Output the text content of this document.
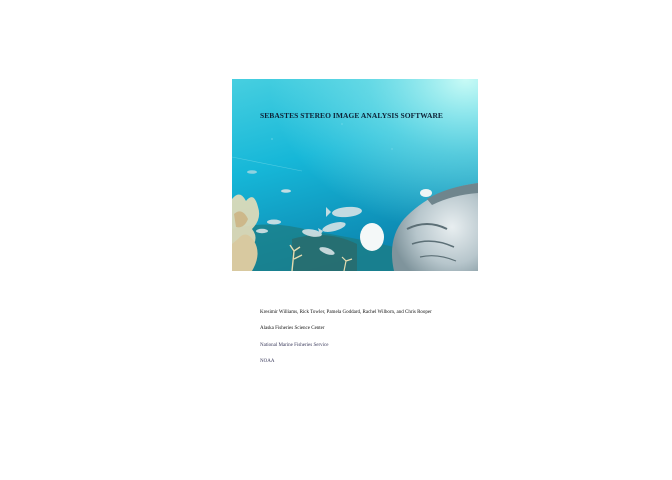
SEBASTES STEREO IMAGE ANALYSIS SOFTWARE
Kresimir Williams, Rick Towler, Pamela Goddard, Rachel Wilborn, and Chris Rooper
Alaska Fisheries Science Center
National Marine Fisheries Service
NOAA
